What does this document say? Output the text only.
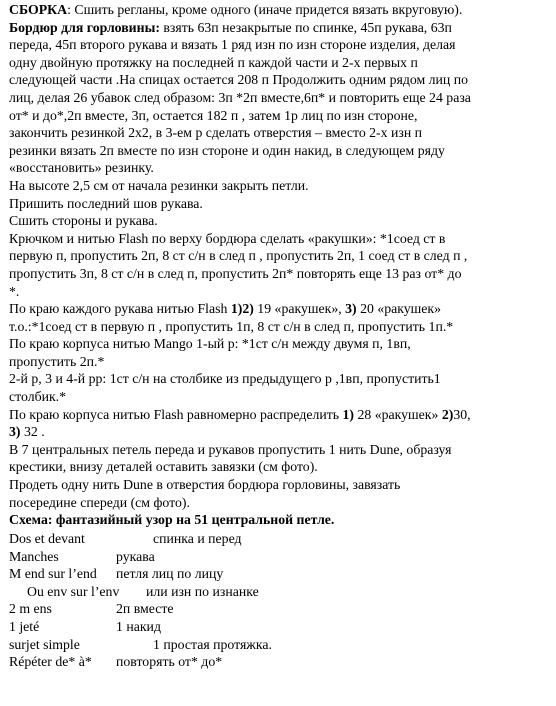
СБОРКА: Сшить регланы, кроме одного (иначе придется вязать вкруговую).
Бордюр для горловины: взять 63п незакрытые по спинке, 45п рукава, 63п
переда, 45п второго рукава и вязать 1 ряд изн по изн стороне изделия, делая
одну двойную протяжку на последней п каждой части и 2-х первых п
следующей части .На спицах остается 208 п Продолжить одним рядом лиц по
лиц, делая 26 убавок след образом: 3п *2п вместе,6п* и повторить еще 24 раза
от* и до*,2п вместе, 3п, остается 182 п , затем 1р лиц по изн стороне,
закончить резинкой 2х2, в 3-ем р сделать отверстия – вместо 2-х изн п
резинки вязать 2п вместе по изн стороне и один накид, в следующем ряду
«восстановить» резинку.
На высоте 2,5 см от начала резинки закрыть петли.
Пришить последний шов рукава.
Сшить стороны и рукава.
Крючком и нитью Flash по верху бордюра сделать «ракушки»: *1соед ст в
первую п, пропустить 2п, 8 ст с/н в след п , пропустить 2п, 1 соед ст в след п ,
пропустить 3п, 8 ст с/н в след п, пропустить 2п* повторять еще 13 раз от* до
*.
По краю каждого рукава нитью Flash 1)2) 19 «ракушек», 3) 20 «ракушек»
т.о.:*1соед ст в первую п , пропустить 1п, 8 ст с/н в след п, пропустить 1п.*
По краю корпуса нитью Mango 1-ый р: *1ст с/н между двумя п, 1вп,
пропустить 2п.*
2-й р, 3 и 4-й рр: 1ст с/н на столбике из предыдущего р ,1вп, пропустить1
столбик.*
По краю корпуса нитью Flash равномерно распределить 1) 28 «ракушек» 2)30,
3) 32 .
В 7 центральных петель переда и рукавов пропустить 1 нить Dune, образуя
крестики, внизу деталей оставить завязки (см фото).
Продеть одну нить Dune в отверстия бордюра горловины, завязать
посередине спереди (см фото).
Схема: фантазийный узор на 51 центральной петле.
Dos et devant	спинка и перед
Manches	рукава
M end sur l’end петля лиц по лицу
Ou env sur l’env или изн по изнанке
2 m ens	2п вместе
1 jeté	1 накид
surjet simple	1 простая протяжка.
Répéter de* à* повторять от* до*
